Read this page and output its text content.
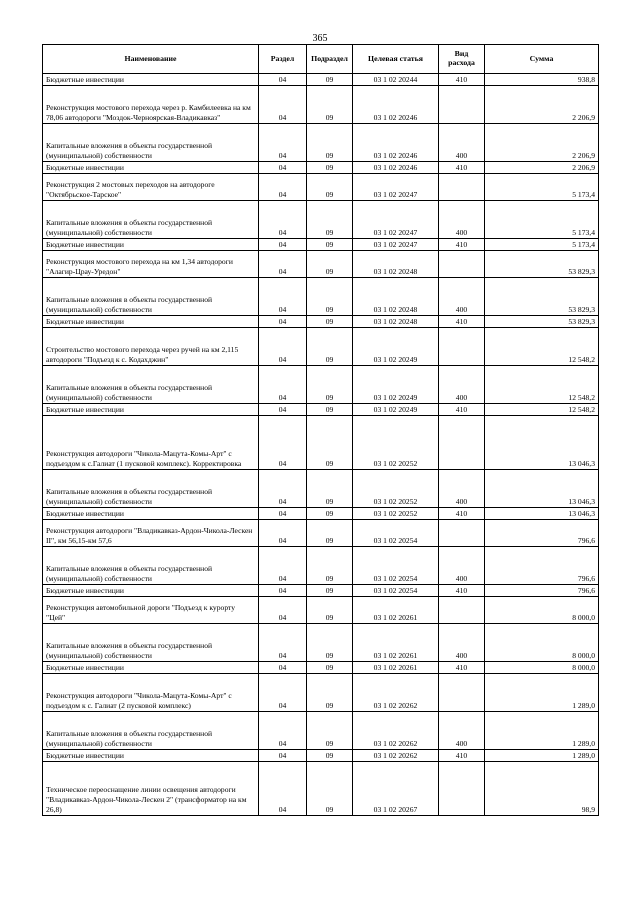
365
Наименование	Раздел	Подраздел	Целевая статья	Вид расхода	Сумма
Бюджетные инвестиции	04	09	03 1 02 20244	410	938,8
Реконструкция мостового перехода через р. Камбилеевка на км 78,06 автодороги "Моздок-Черноярская-Владикавказ"	04	09	03 1 02 20246		2 206,9
Капитальные вложения в объекты государственной (муниципальной) собственности	04	09	03 1 02 20246	400	2 206,9
Бюджетные инвестиции	04	09	03 1 02 20246	410	2 206,9
Реконструкция 2 мостовых переходов на автодороге "Октябрьское-Тарское"	04	09	03 1 02 20247		5 173,4
Капитальные вложения в объекты государственной (муниципальной) собственности	04	09	03 1 02 20247	400	5 173,4
Бюджетные инвестиции	04	09	03 1 02 20247	410	5 173,4
Реконструкция мостового перехода на км 1,34 автодороги "Алагир-Црау-Уредон"	04	09	03 1 02 20248		53 829,3
Капитальные вложения в объекты государственной (муниципальной) собственности	04	09	03 1 02 20248	400	53 829,3
Бюджетные инвестиции	04	09	03 1 02 20248	410	53 829,3
Строительство мостового перехода через ручей на км 2,115 автодороги "Подъезд к с. Кодахджин"	04	09	03 1 02 20249		12 548,2
Капитальные вложения в объекты государственной (муниципальной) собственности	04	09	03 1 02 20249	400	12 548,2
Бюджетные инвестиции	04	09	03 1 02 20249	410	12 548,2
Реконструкция автодороги "Чикола-Мацута-Комы-Арт" с подъездом к с.Галиат (1 пусковой комплекс). Корректировка	04	09	03 1 02 20252		13 046,3
Капитальные вложения в объекты государственной (муниципальной) собственности	04	09	03 1 02 20252	400	13 046,3
Бюджетные инвестиции	04	09	03 1 02 20252	410	13 046,3
Реконструкция автодороги "Владикавказ-Ардон-Чикола-Лескен II", км 56,15-км 57,6	04	09	03 1 02 20254		796,6
Капитальные вложения в объекты государственной (муниципальной) собственности	04	09	03 1 02 20254	400	796,6
Бюджетные инвестиции	04	09	03 1 02 20254	410	796,6
Реконструкция автомобильной дороги "Подъезд к курорту "Цей"	04	09	03 1 02 20261		8 000,0
Капитальные вложения в объекты государственной (муниципальной) собственности	04	09	03 1 02 20261	400	8 000,0
Бюджетные инвестиции	04	09	03 1 02 20261	410	8 000,0
Реконструкция автодороги "Чикола-Мацута-Комы-Арт" с подъездом к с. Галиат (2 пусковой комплекс)	04	09	03 1 02 20262		1 289,0
Капитальные вложения в объекты государственной (муниципальной) собственности	04	09	03 1 02 20262	400	1 289,0
Бюджетные инвестиции	04	09	03 1 02 20262	410	1 289,0
Техническое переоснащение линии освещения автодороги "Владикавказ-Ардон-Чикола-Лескен 2" (трансформатор на км 26,8)	04	09	03 1 02 20267		98,9
